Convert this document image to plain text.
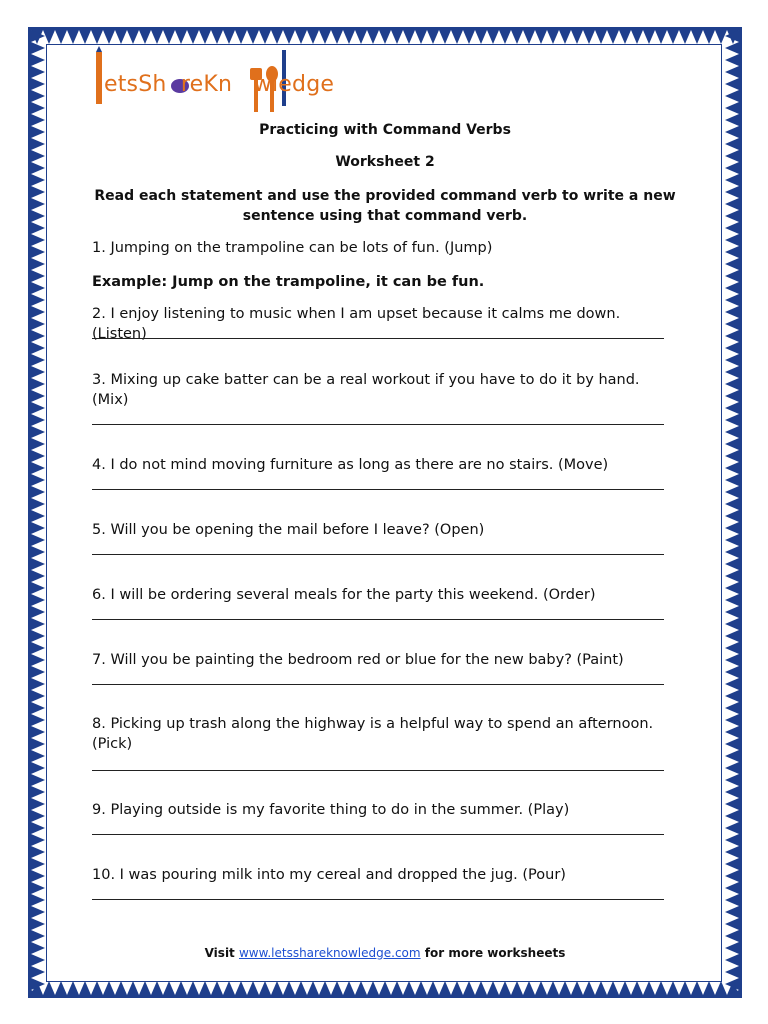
etsSh reKn wledge
Practicing with Command Verbs
Worksheet 2
Read each statement and use the provided command verb to write a new sentence using that command verb.
1. Jumping on the trampoline can be lots of fun. (Jump)
Example: Jump on the trampoline, it can be fun.
2. I enjoy listening to music when I am upset because it calms me down. (Listen)
3. Mixing up cake batter can be a real workout if you have to do it by hand. (Mix)
4. I do not mind moving furniture as long as there are no stairs. (Move)
5. Will you be opening the mail before I leave? (Open)
6. I will be ordering several meals for the party this weekend. (Order)
7. Will you be painting the bedroom red or blue for the new baby? (Paint)
8. Picking up trash along the highway is a helpful way to spend an afternoon. (Pick)
9. Playing outside is my favorite thing to do in the summer. (Play)
10. I was pouring milk into my cereal and dropped the jug. (Pour)
Visit www.letsshareknowledge.com for more worksheets
